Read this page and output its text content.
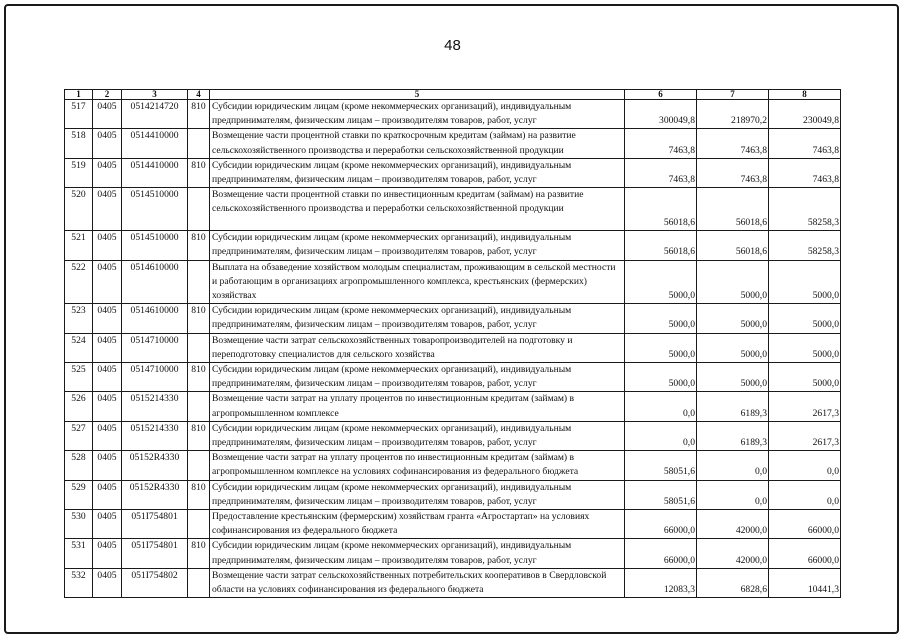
48
1	2	3	4	5	6	7	8
517	0405	0514214720	810	Субсидии юридическим лицам (кроме некоммерческих организаций), индивидуальным предпринимателям, физическим лицам – производителям товаров, работ, услуг	300049,8	218970,2	230049,8
518	0405	0514410000		Возмещение части процентной ставки по краткосрочным кредитам (займам) на развитие сельскохозяйственного производства и переработки сельскохозяйственной продукции	7463,8	7463,8	7463,8
519	0405	0514410000	810	Субсидии юридическим лицам (кроме некоммерческих организаций), индивидуальным предпринимателям, физическим лицам – производителям товаров, работ, услуг	7463,8	7463,8	7463,8
520	0405	0514510000		Возмещение части процентной ставки по инвестиционным кредитам (займам) на развитие сельскохозяйственного производства и переработки сельскохозяйственной продукции	56018,6	56018,6	58258,3
521	0405	0514510000	810	Субсидии юридическим лицам (кроме некоммерческих организаций), индивидуальным предпринимателям, физическим лицам – производителям товаров, работ, услуг	56018,6	56018,6	58258,3
522	0405	0514610000		Выплата на обзаведение хозяйством молодым специалистам, проживающим в сельской местности и работающим в организациях агропромышленного комплекса, крестьянских (фермерских) хозяйствах	5000,0	5000,0	5000,0
523	0405	0514610000	810	Субсидии юридическим лицам (кроме некоммерческих организаций), индивидуальным предпринимателям, физическим лицам – производителям товаров, работ, услуг	5000,0	5000,0	5000,0
524	0405	0514710000		Возмещение части затрат сельскохозяйственных товаропроизводителей на подготовку и переподготовку специалистов для сельского хозяйства	5000,0	5000,0	5000,0
525	0405	0514710000	810	Субсидии юридическим лицам (кроме некоммерческих организаций), индивидуальным предпринимателям, физическим лицам – производителям товаров, работ, услуг	5000,0	5000,0	5000,0
526	0405	0515214330		Возмещение части затрат на уплату процентов по инвестиционным кредитам (займам) в агропромышленном комплексе	0,0	6189,3	2617,3
527	0405	0515214330	810	Субсидии юридическим лицам (кроме некоммерческих организаций), индивидуальным предпринимателям, физическим лицам – производителям товаров, работ, услуг	0,0	6189,3	2617,3
528	0405	05152R4330		Возмещение части затрат на уплату процентов по инвестиционным кредитам (займам) в агропромышленном комплексе на условиях софинансирования из федерального бюджета	58051,6	0,0	0,0
529	0405	05152R4330	810	Субсидии юридическим лицам (кроме некоммерческих организаций), индивидуальным предпринимателям, физическим лицам – производителям товаров, работ, услуг	58051,6	0,0	0,0
530	0405	051I754801		Предоставление крестьянским (фермерским) хозяйствам гранта «Агростартап» на условиях софинансирования из федерального бюджета	66000,0	42000,0	66000,0
531	0405	051I754801	810	Субсидии юридическим лицам (кроме некоммерческих организаций), индивидуальным предпринимателям, физическим лицам – производителям товаров, работ, услуг	66000,0	42000,0	66000,0
532	0405	051I754802		Возмещение части затрат сельскохозяйственных потребительских кооперативов в Свердловской области на условиях софинансирования из федерального бюджета	12083,3	6828,6	10441,3
